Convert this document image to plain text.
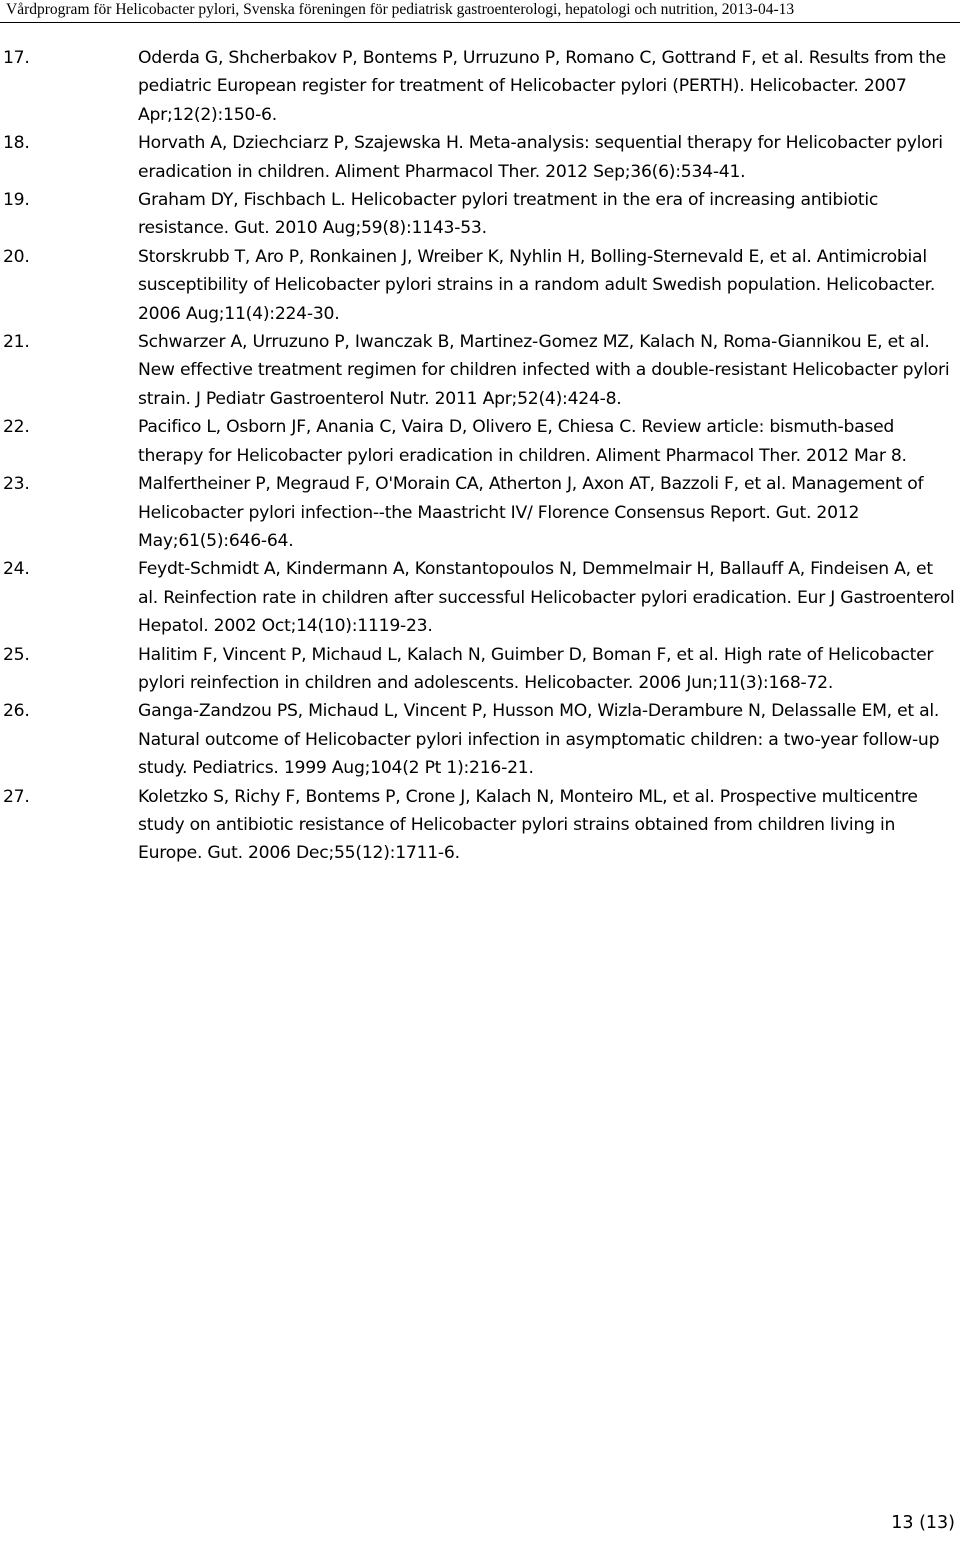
Vårdprogram för Helicobacter pylori, Svenska föreningen för pediatrisk gastroenterologi, hepatologi och nutrition, 2013-04-13
17.	Oderda G, Shcherbakov P, Bontems P, Urruzuno P, Romano C, Gottrand F, et al. Results from the pediatric European register for treatment of Helicobacter pylori (PERTH). Helicobacter. 2007 Apr;12(2):150-6.
18.	Horvath A, Dziechciarz P, Szajewska H. Meta-analysis: sequential therapy for Helicobacter pylori eradication in children. Aliment Pharmacol Ther. 2012 Sep;36(6):534-41.
19.	Graham DY, Fischbach L. Helicobacter pylori treatment in the era of increasing antibiotic resistance. Gut. 2010 Aug;59(8):1143-53.
20.	Storskrubb T, Aro P, Ronkainen J, Wreiber K, Nyhlin H, Bolling-Sternevald E, et al. Antimicrobial susceptibility of Helicobacter pylori strains in a random adult Swedish population. Helicobacter. 2006 Aug;11(4):224-30.
21.	Schwarzer A, Urruzuno P, Iwanczak B, Martinez-Gomez MZ, Kalach N, Roma-Giannikou E, et al. New effective treatment regimen for children infected with a double-resistant Helicobacter pylori strain. J Pediatr Gastroenterol Nutr. 2011 Apr;52(4):424-8.
22.	Pacifico L, Osborn JF, Anania C, Vaira D, Olivero E, Chiesa C. Review article: bismuth-based therapy for Helicobacter pylori eradication in children. Aliment Pharmacol Ther. 2012 Mar 8.
23.	Malfertheiner P, Megraud F, O'Morain CA, Atherton J, Axon AT, Bazzoli F, et al. Management of Helicobacter pylori infection--the Maastricht IV/ Florence Consensus Report. Gut. 2012 May;61(5):646-64.
24.	Feydt-Schmidt A, Kindermann A, Konstantopoulos N, Demmelmair H, Ballauff A, Findeisen A, et al. Reinfection rate in children after successful Helicobacter pylori eradication. Eur J Gastroenterol Hepatol. 2002 Oct;14(10):1119-23.
25.	Halitim F, Vincent P, Michaud L, Kalach N, Guimber D, Boman F, et al. High rate of Helicobacter pylori reinfection in children and adolescents. Helicobacter. 2006 Jun;11(3):168-72.
26.	Ganga-Zandzou PS, Michaud L, Vincent P, Husson MO, Wizla-Derambure N, Delassalle EM, et al. Natural outcome of Helicobacter pylori infection in asymptomatic children: a two-year follow-up study. Pediatrics. 1999 Aug;104(2 Pt 1):216-21.
27.	Koletzko S, Richy F, Bontems P, Crone J, Kalach N, Monteiro ML, et al. Prospective multicentre study on antibiotic resistance of Helicobacter pylori strains obtained from children living in Europe. Gut. 2006 Dec;55(12):1711-6.
13 (13)
